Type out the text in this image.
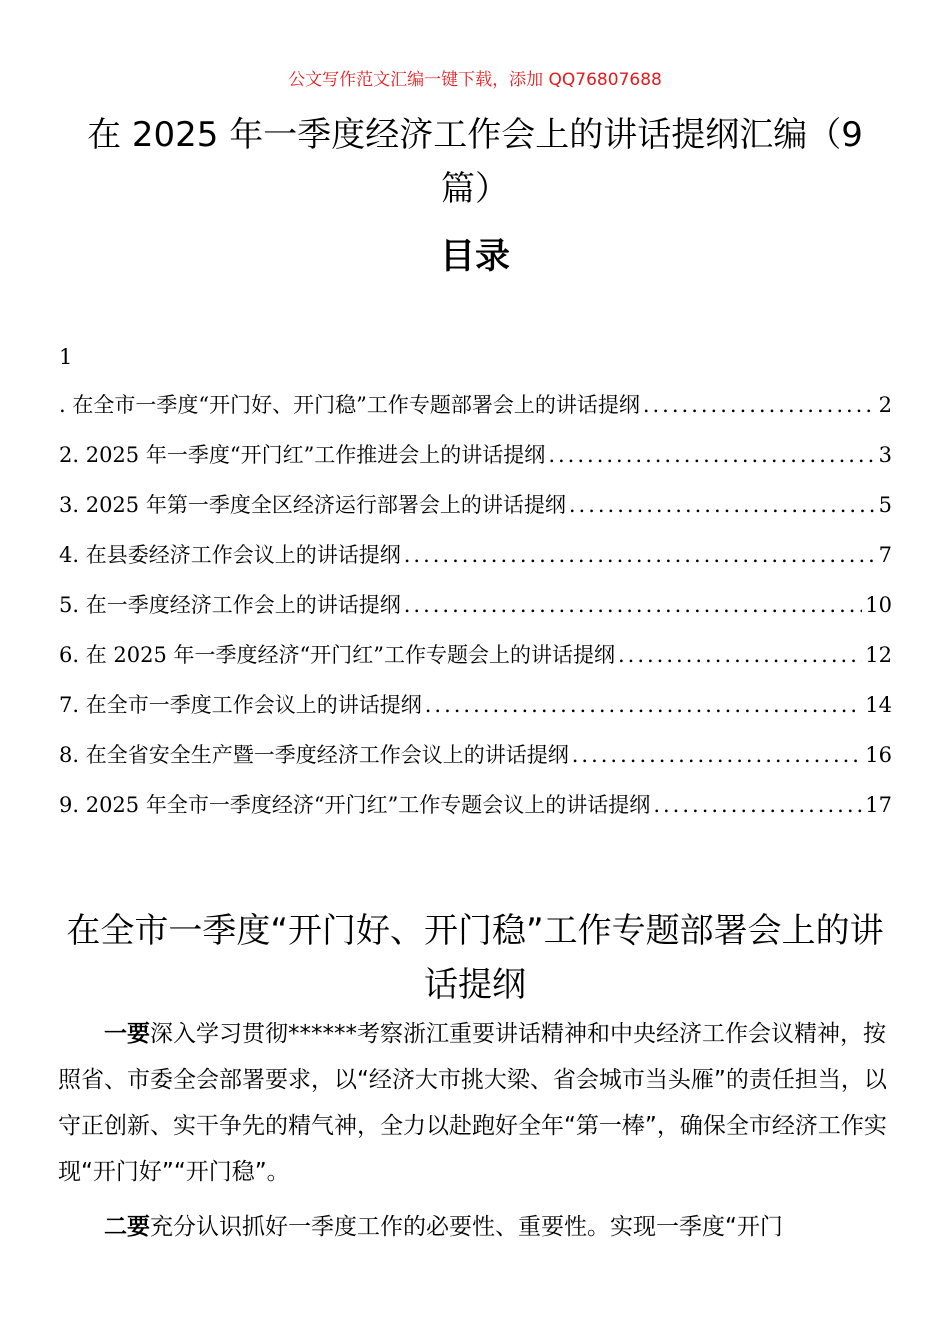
公文写作范文汇编一键下载，添加 QQ76807688
在 2025 年一季度经济工作会上的讲话提纲汇编（9 篇）
目录
1
. 在全市一季度“开门好、开门稳”工作专题部署会上的讲话提纲 .....	2
2. 2025 年一季度“开门红”工作推进会上的讲话提纲 .....	3
3. 2025 年第一季度全区经济运行部署会上的讲话提纲 .....	5
4. 在县委经济工作会议上的讲话提纲 .....	7
5. 在一季度经济工作会上的讲话提纲 .....	10
6. 在 2025 年一季度经济“开门红”工作专题会上的讲话提纲 .....	12
7. 在全市一季度工作会议上的讲话提纲 .....	14
8. 在全省安全生产暨一季度经济工作会议上的讲话提纲 .....	16
9. 2025 年全市一季度经济“开门红”工作专题会议上的讲话提纲 .....	17
在全市一季度“开门好、开门稳”工作专题部署会上的讲话提纲

一要深入学习贯彻******考察浙江重要讲话精神和中央经济工作会议精神，按照省、市委全会部署要求，以“经济大市挑大梁、省会城市当头雁”的责任担当，以守正创新、实干争先的精气神，全力以赴跑好全年“第一棒”，确保全市经济工作实现“开门好”“开门稳”。

二要充分认识抓好一季度工作的必要性、重要性。实现一季度“开门
